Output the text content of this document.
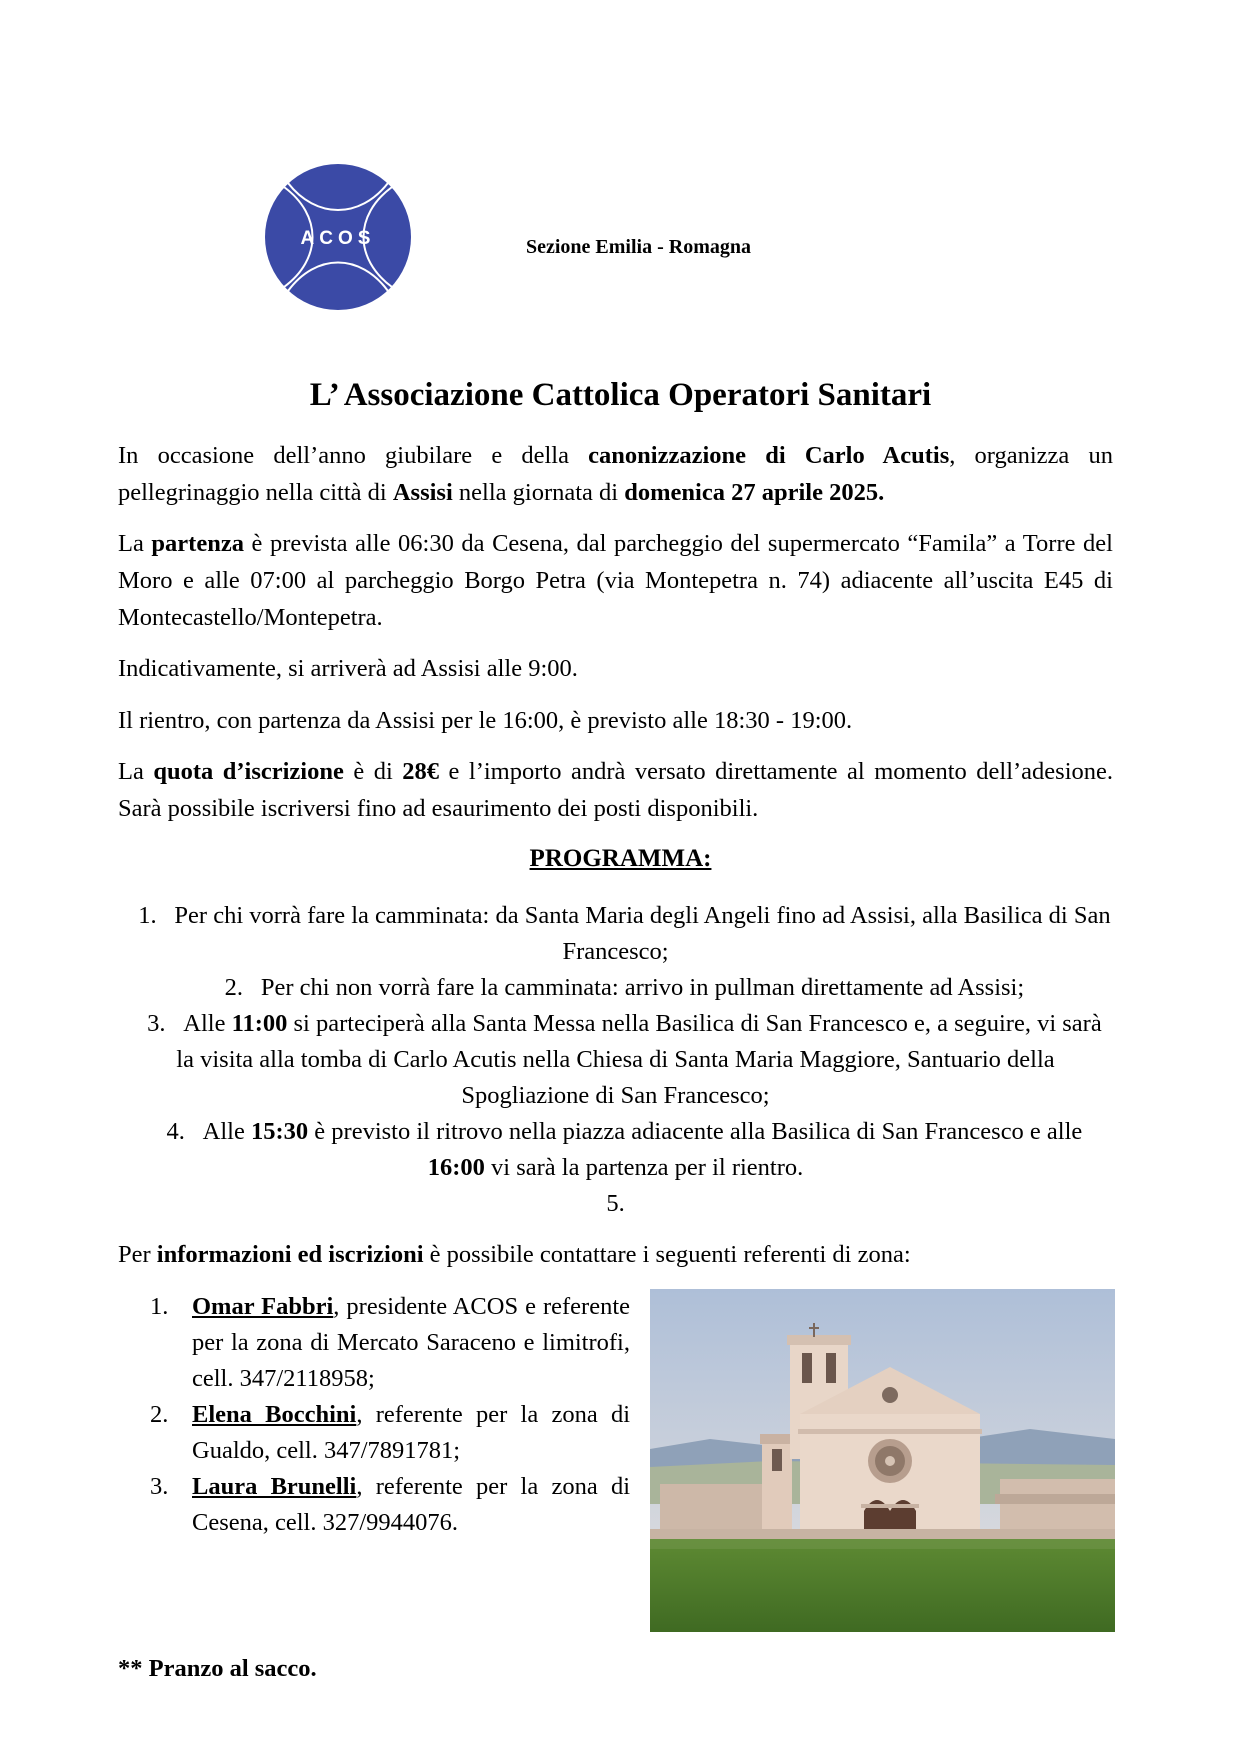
ACOS	Sezione Emilia - Romagna
L’ Associazione Cattolica Operatori Sanitari

In occasione dell’anno giubilare e della canonizzazione di Carlo Acutis, organizza un pellegrinaggio nella città di Assisi nella giornata di domenica 27 aprile 2025.

La partenza è prevista alle 06:30 da Cesena, dal parcheggio del supermercato “Famila” a Torre del Moro e alle 07:00 al parcheggio Borgo Petra (via Montepetra n. 74) adiacente all’uscita E45 di Montecastello/Montepetra.

Indicativamente, si arriverà ad Assisi alle 9:00.

Il rientro, con partenza da Assisi per le 16:00, è previsto alle 18:30 - 19:00.

La quota d’iscrizione è di 28€ e l’importo andrà versato direttamente al momento dell’adesione. Sarà possibile iscriversi fino ad esaurimento dei posti disponibili.

PROGRAMMA:

1. Per chi vorrà fare la camminata: da Santa Maria degli Angeli fino ad Assisi, alla Basilica di San Francesco;

2. Per chi non vorrà fare la camminata: arrivo in pullman direttamente ad Assisi;

3. Alle 11:00 si parteciperà alla Santa Messa nella Basilica di San Francesco e, a seguire, vi sarà la visita alla tomba di Carlo Acutis nella Chiesa di Santa Maria Maggiore, Santuario della Spogliazione di San Francesco;

4. Alle 15:30 è previsto il ritrovo nella piazza adiacente alla Basilica di San Francesco e alle 16:00 vi sarà la partenza per il rientro.

5.

Per informazioni ed iscrizioni è possibile contattare i seguenti referenti di zona:

1. Omar Fabbri, presidente ACOS e referente per la zona di Mercato Saraceno e limitrofi, cell. 347/2118958;
2. Elena Bocchini, referente per la zona di Gualdo, cell. 347/7891781;
3. Laura Brunelli, referente per la zona di Cesena, cell. 327/9944076.
** Pranzo al sacco.
